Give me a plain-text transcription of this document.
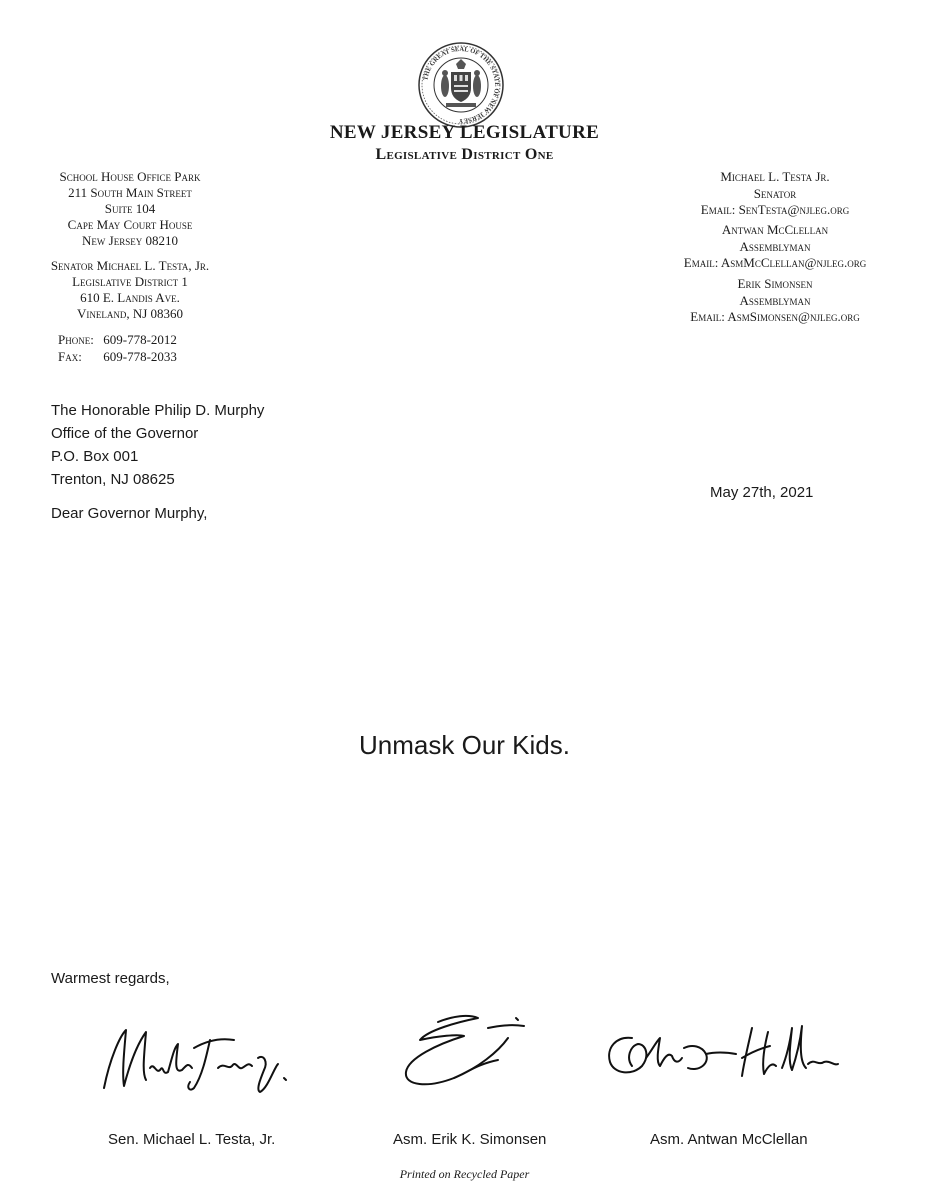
THE GREAT SEAL OF THE STATE OF NEW JERSEY
NEW JERSEY LEGISLATURE
Legislative District One
School House Office Park
211 South Main Street
Suite 104
Cape May Court House
New Jersey 08210
Senator Michael L. Testa, Jr.
Legislative District 1
610 E. Landis Ave.
Vineland, NJ 08360
Phone: 609-778-2012
Fax: 609-778-2033
Michael L. Testa Jr.
Senator
Email: SenTesta@njleg.org
Antwan McClellan
Assemblyman
Email: AsmMcClellan@njleg.org
Erik Simonsen
Assemblyman
Email: AsmSimonsen@njleg.org
The Honorable Philip D. Murphy
Office of the Governor
P.O. Box 001
Trenton, NJ 08625
May 27th, 2021
Dear Governor Murphy,
Unmask Our Kids.
Warmest regards,
Sen. Michael L. Testa, Jr.	Asm. Erik K. Simonsen	Asm. Antwan McClellan
Printed on Recycled Paper
